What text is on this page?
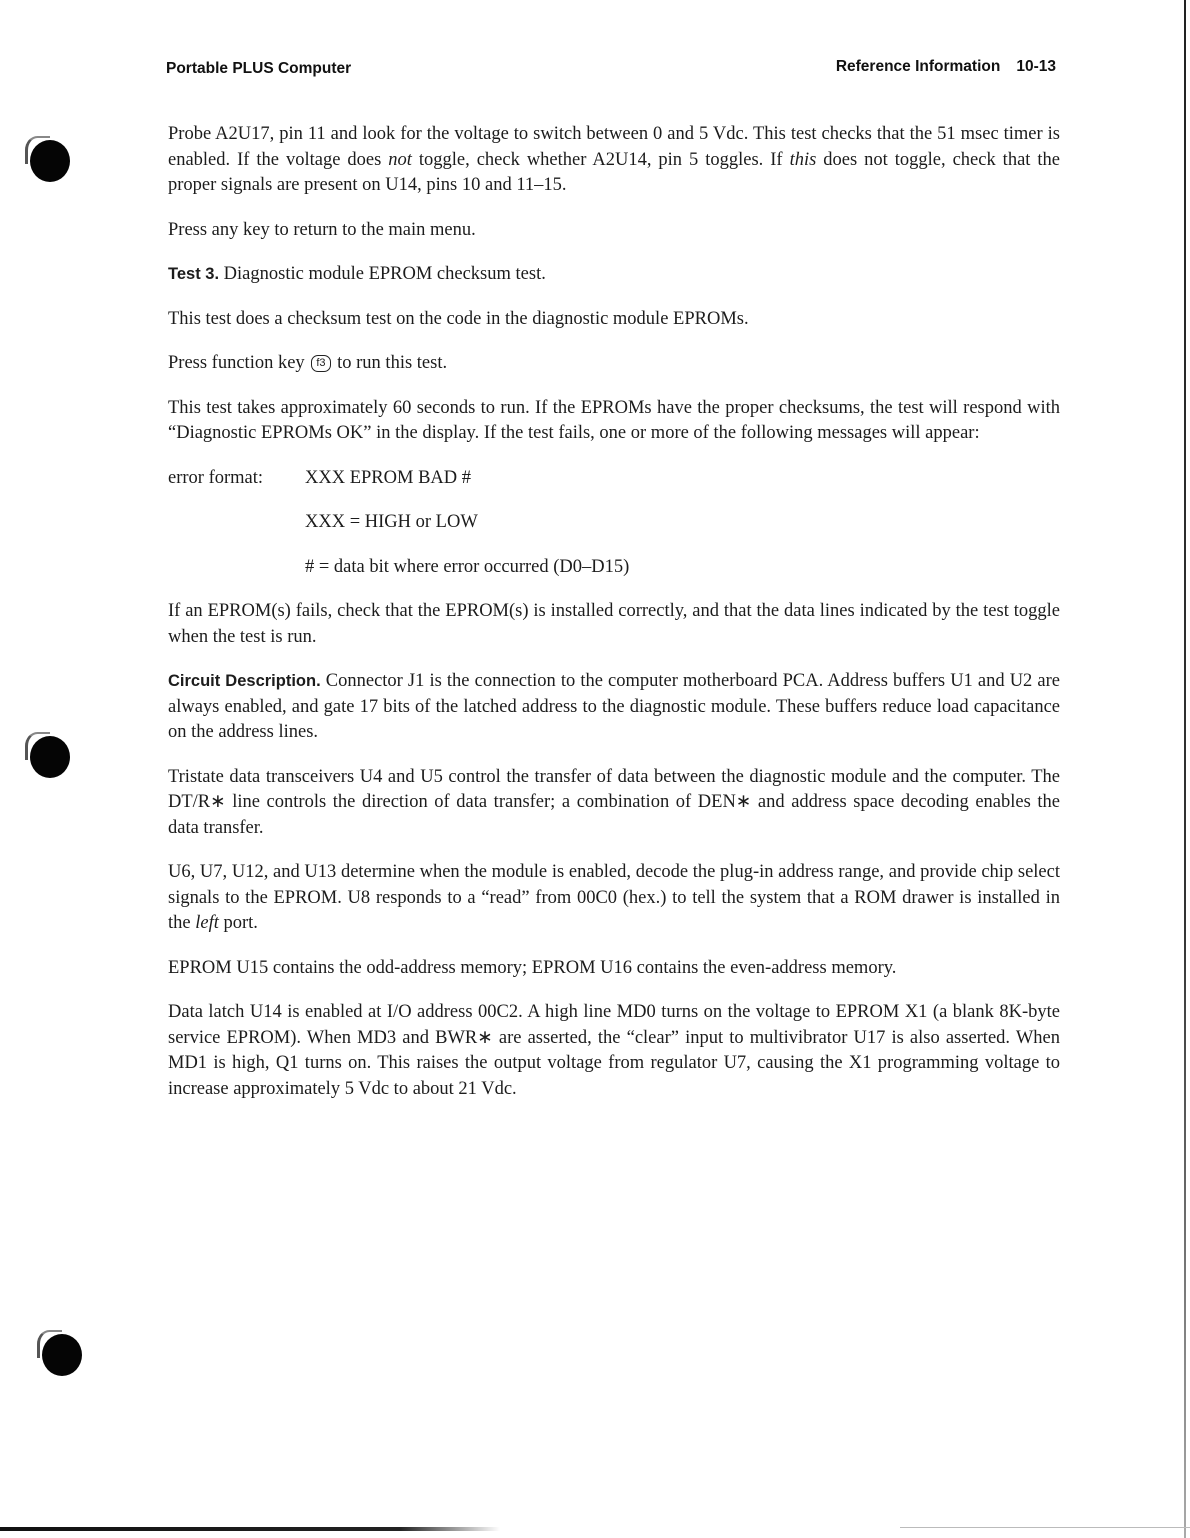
Portable PLUS Computer	Reference Information 10-13

Probe A2U17, pin 11 and look for the voltage to switch between 0 and 5 Vdc. This test checks that the 51 msec timer is enabled. If the voltage does not toggle, check whether A2U14, pin 5 toggles. If this does not toggle, check that the proper signals are present on U14, pins 10 and 11–15.

Press any key to return to the main menu.

Test 3. Diagnostic module EPROM checksum test.

This test does a checksum test on the code in the diagnostic module EPROMs.

Press function key f3 to run this test.

This test takes approximately 60 seconds to run. If the EPROMs have the proper checksums, the test will respond with “Diagnostic EPROMs OK” in the display. If the test fails, one or more of the following messages will appear:

error format:	XXX EPROM BAD #
XXX = HIGH or LOW
# = data bit where error occurred (D0–D15)

If an EPROM(s) fails, check that the EPROM(s) is installed correctly, and that the data lines indicated by the test toggle when the test is run.

Circuit Description. Connector J1 is the connection to the computer motherboard PCA. Address buffers U1 and U2 are always enabled, and gate 17 bits of the latched address to the diagnostic module. These buffers reduce load capacitance on the address lines.

Tristate data transceivers U4 and U5 control the transfer of data between the diagnostic module and the computer. The DT/R∗ line controls the direction of data transfer; a combination of DEN∗ and address space decoding enables the data transfer.

U6, U7, U12, and U13 determine when the module is enabled, decode the plug-in address range, and provide chip select signals to the EPROM. U8 responds to a “read” from 00C0 (hex.) to tell the system that a ROM drawer is installed in the left port.

EPROM U15 contains the odd-address memory; EPROM U16 contains the even-address memory.

Data latch U14 is enabled at I/O address 00C2. A high line MD0 turns on the voltage to EPROM X1 (a blank 8K-byte service EPROM). When MD3 and BWR∗ are asserted, the “clear” input to multivibrator U17 is also asserted. When MD1 is high, Q1 turns on. This raises the output voltage from regulator U7, causing the X1 programming voltage to increase approximately 5 Vdc to about 21 Vdc.
